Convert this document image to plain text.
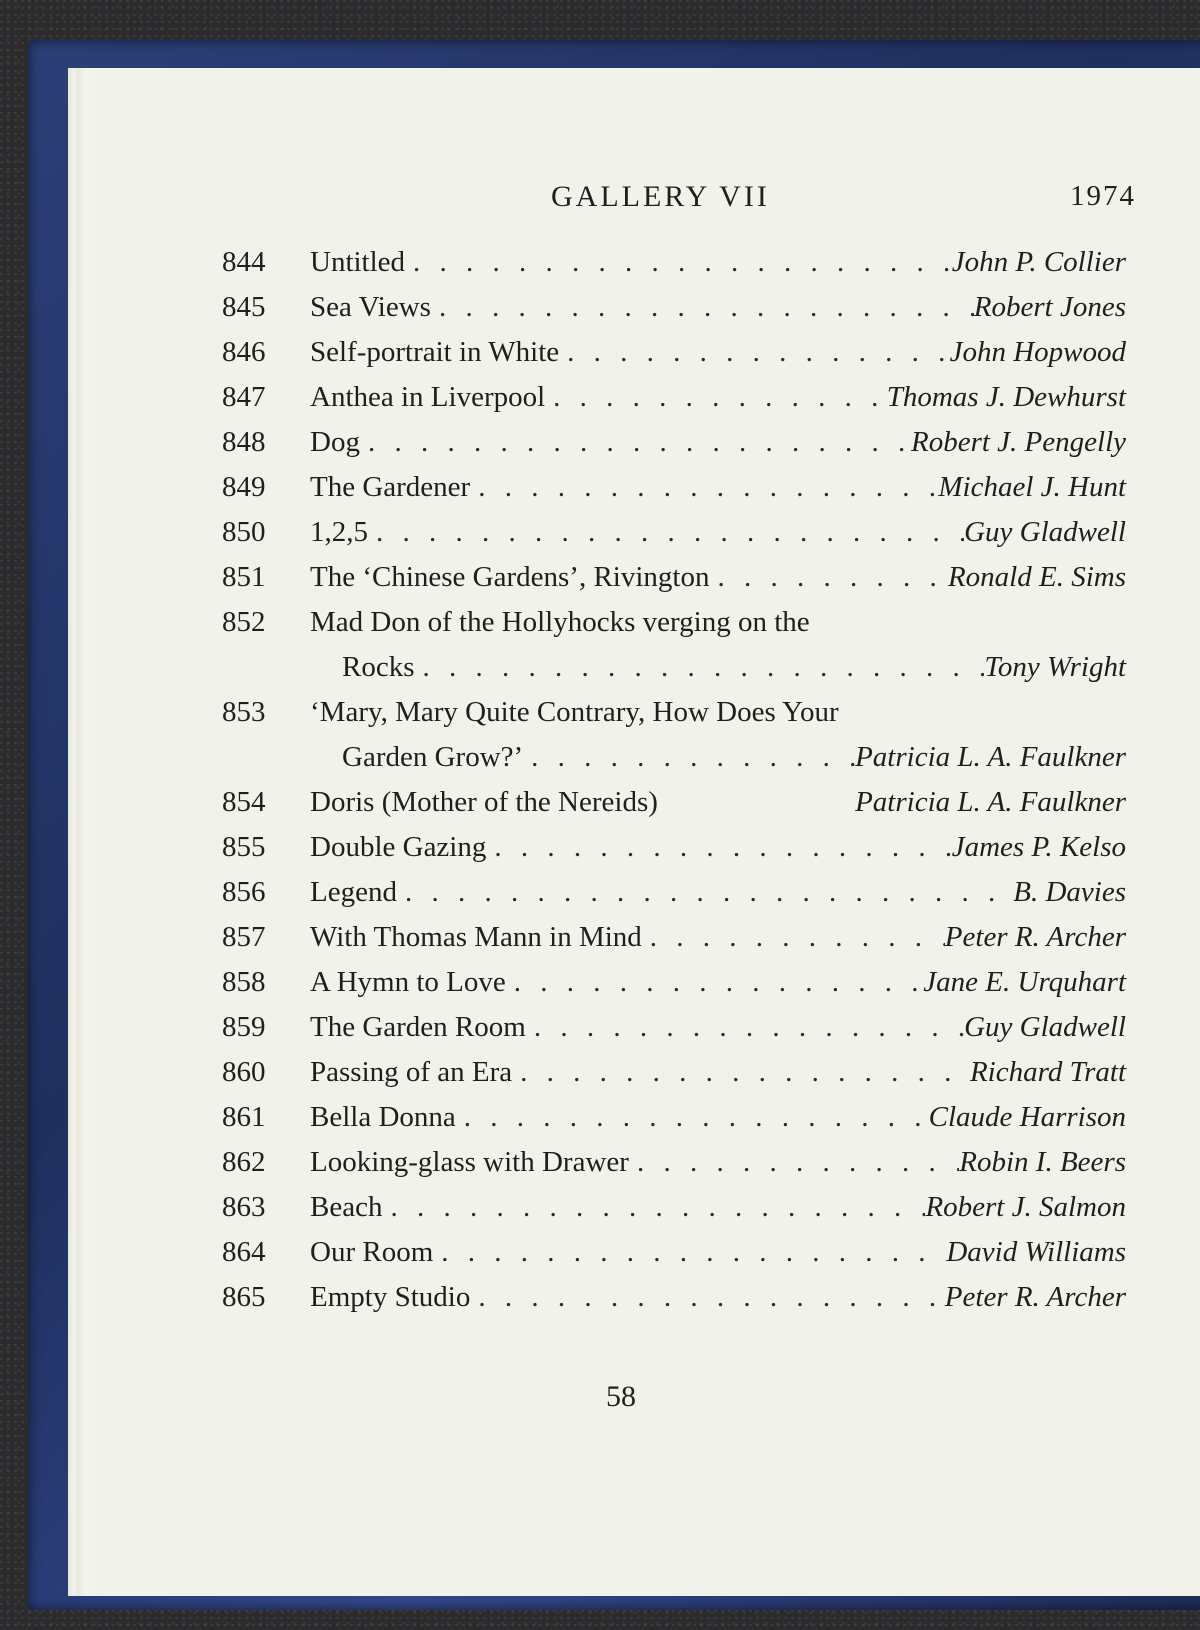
GALLERY VII	1974
844	Untitled . . .	John P. Collier
845	Sea Views . . .	Robert Jones
846	Self-portrait in White . . .	John Hopwood
847	Anthea in Liverpool . . .	Thomas J. Dewhurst
848	Dog . . .	Robert J. Pengelly
849	The Gardener . . .	Michael J. Hunt
850	1,2,5 . . .	Guy Gladwell
851	The ‘Chinese Gardens’, Rivington . . .	Ronald E. Sims
852	Mad Don of the Hollyhocks verging on the
Rocks . . .	Tony Wright
853	‘Mary, Mary Quite Contrary, How Does Your
Garden Grow?’ . . .	Patricia L. A. Faulkner
854	Doris (Mother of the Nereids)	Patricia L. A. Faulkner
855	Double Gazing . . .	James P. Kelso
856	Legend . . .	B. Davies
857	With Thomas Mann in Mind . . .	Peter R. Archer
858	A Hymn to Love . . .	Jane E. Urquhart
859	The Garden Room . . .	Guy Gladwell
860	Passing of an Era . . .	Richard Tratt
861	Bella Donna . . .	Claude Harrison
862	Looking-glass with Drawer . . .	Robin I. Beers
863	Beach . . .	Robert J. Salmon
864	Our Room . . .	David Williams
865	Empty Studio . . .	Peter R. Archer
58
